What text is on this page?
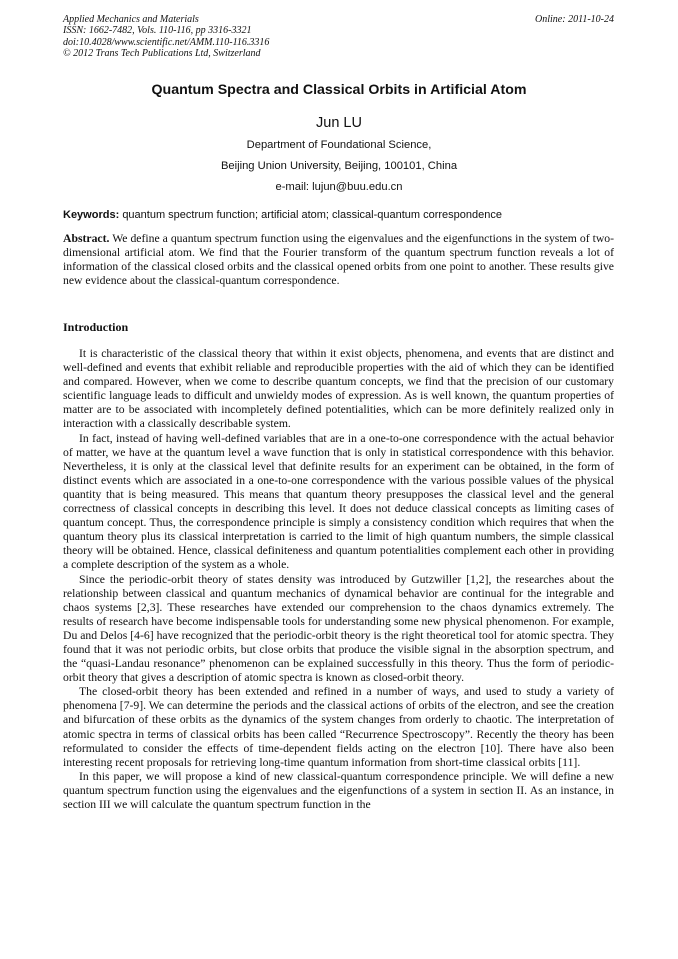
Applied Mechanics and Materials
ISSN: 1662-7482, Vols. 110-116, pp 3316-3321
doi:10.4028/www.scientific.net/AMM.110-116.3316
© 2012 Trans Tech Publications Ltd, Switzerland
Online: 2011-10-24
Quantum Spectra and Classical Orbits in Artificial Atom
Jun LU
Department of Foundational Science,
Beijing Union University, Beijing, 100101, China
e-mail: lujun@buu.edu.cn
Keywords: quantum spectrum function; artificial atom; classical-quantum correspondence
Abstract. We define a quantum spectrum function using the eigenvalues and the eigenfunctions in the system of two-dimensional artificial atom. We find that the Fourier transform of the quantum spectrum function reveals a lot of information of the classical closed orbits and the classical opened orbits from one point to another. These results give new evidence about the classical-quantum correspondence.
Introduction

It is characteristic of the classical theory that within it exist objects, phenomena, and events that are distinct and well-defined and events that exhibit reliable and reproducible properties with the aid of which they can be identified and compared. However, when we come to describe quantum concepts, we find that the precision of our customary scientific language leads to difficult and unwieldy modes of expression. As is well known, the quantum properties of matter are to be associated with incompletely defined potentialities, which can be more definitely realized only in interaction with a classically describable system.

In fact, instead of having well-defined variables that are in a one-to-one correspondence with the actual behavior of matter, we have at the quantum level a wave function that is only in statistical correspondence with this behavior. Nevertheless, it is only at the classical level that definite results for an experiment can be obtained, in the form of distinct events which are associated in a one-to-one correspondence with the various possible values of the physical quantity that is being measured. This means that quantum theory presupposes the classical level and the general correctness of classical concepts in describing this level. It does not deduce classical concepts as limiting cases of quantum concept. Thus, the correspondence principle is simply a consistency condition which requires that when the quantum theory plus its classical interpretation is carried to the limit of high quantum numbers, the simple classical theory will be obtained. Hence, classical definiteness and quantum potentialities complement each other in providing a complete description of the system as a whole.

Since the periodic-orbit theory of states density was introduced by Gutzwiller [1,2], the researches about the relationship between classical and quantum mechanics of dynamical behavior are continual for the integrable and chaos systems [2,3]. These researches have extended our comprehension to the chaos dynamics extremely. The results of research have become indispensable tools for understanding some new physical phenomenon. For example, Du and Delos [4-6] have recognized that the periodic-orbit theory is the right theoretical tool for atomic spectra. They found that it was not periodic orbits, but close orbits that produce the visible signal in the absorption spectrum, and the “quasi-Landau resonance” phenomenon can be explained successfully in this theory. Thus the form of periodic-orbit theory that gives a description of atomic spectra is known as closed-orbit theory.

The closed-orbit theory has been extended and refined in a number of ways, and used to study a variety of phenomena [7-9]. We can determine the periods and the classical actions of orbits of the electron, and see the creation and bifurcation of these orbits as the dynamics of the system changes from orderly to chaotic. The interpretation of atomic spectra in terms of classical orbits has been called “Recurrence Spectroscopy”. Recently the theory has been reformulated to consider the effects of time-dependent fields acting on the electron [10]. There have also been interesting recent proposals for retrieving long-time quantum information from short-time classical orbits [11].

In this paper, we will propose a kind of new classical-quantum correspondence principle. We will define a new quantum spectrum function using the eigenvalues and the eigenfunctions of a system in section II. As an instance, in section III we will calculate the quantum spectrum function in the
